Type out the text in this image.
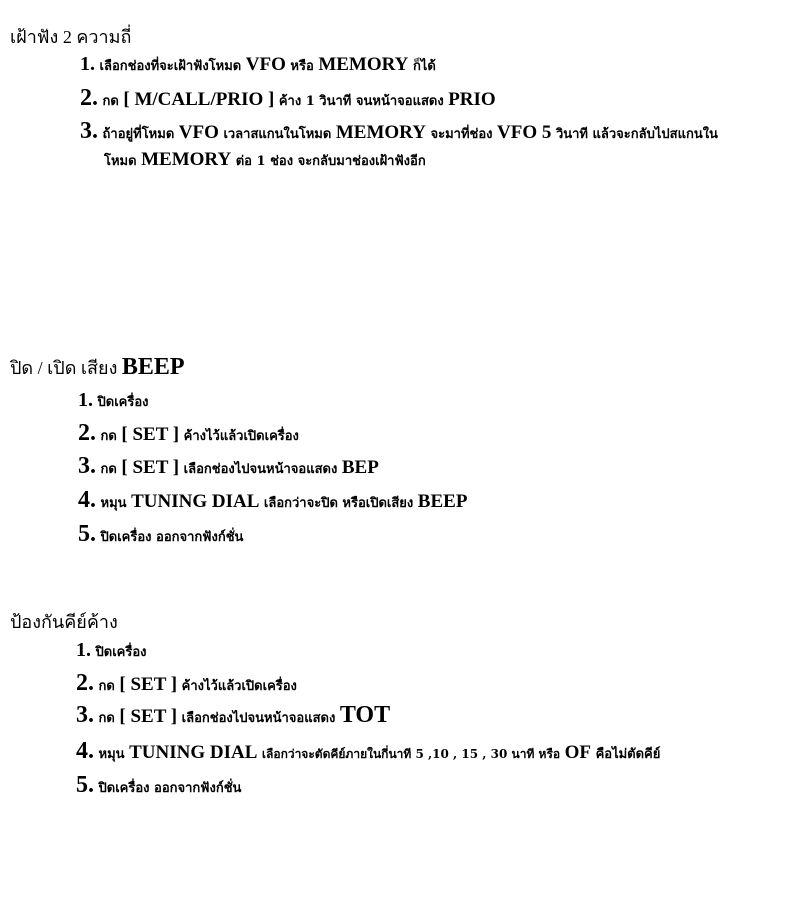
เฝ้าฟัง 2 ความถี่
1. เลือกช่องที่จะเฝ้าฟังโหมด VFO หรือ MEMORY ก็ได้
2. กด [ M/CALL/PRIO ] ค้าง 1 วินาที จนหน้าจอแสดง PRIO
3. ถ้าอยู่ที่โหมด VFO เวลาสแกนในโหมด MEMORY จะมาที่ช่อง VFO 5 วินาที แล้วจะกลับไปสแกนใน
โหมด MEMORY ต่อ 1 ช่อง จะกลับมาช่องเฝ้าฟังอีก
ปิด / เปิด เสียง BEEP
1. ปิดเครื่อง
2. กด [ SET ] ค้างไว้แล้วเปิดเครื่อง
3. กด [ SET ] เลือกช่องไปจนหน้าจอแสดง BEP
4. หมุน TUNING DIAL เลือกว่าจะปิด หรือเปิดเสียง BEEP
5. ปิดเครื่อง ออกจากฟังก์ชั่น
ป้องกันคีย์ค้าง
1. ปิดเครื่อง
2. กด [ SET ] ค้างไว้แล้วเปิดเครื่อง
3. กด [ SET ] เลือกช่องไปจนหน้าจอแสดง TOT
4. หมุน TUNING DIAL เลือกว่าจะตัดคีย์ภายในกี่นาที 5 ,10 , 15 , 30 นาที หรือ OF คือไม่ตัดคีย์
5. ปิดเครื่อง ออกจากฟังก์ชั่น
